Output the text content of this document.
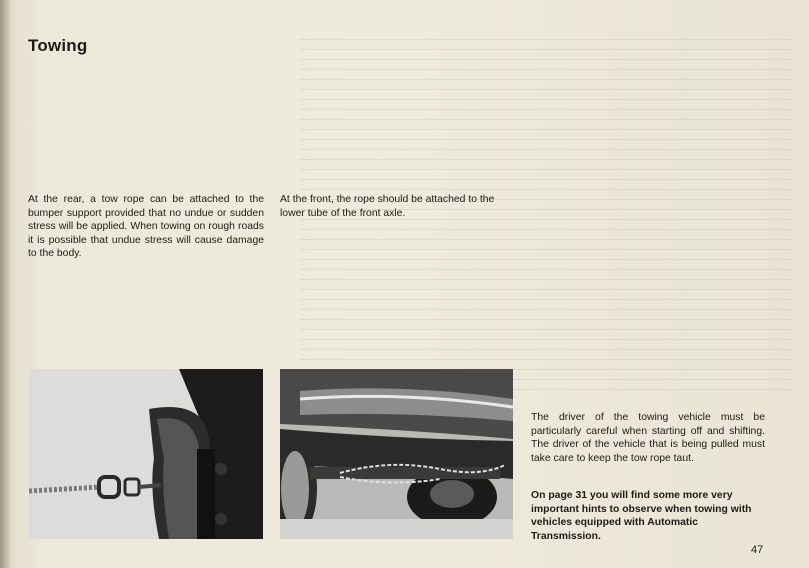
Towing
At the rear, a tow rope can be attached to the bumper support provided that no undue or sudden stress will be applied. When towing on rough roads it is possible that undue stress will cause damage to the body.
At the front, the rope should be attached to the lower tube of the front axle.
The driver of the towing vehicle must be particularly careful when starting off and shifting. The driver of the vehicle that is being pulled must take care to keep the tow rope taut.
On page 31 you will find some more very important hints to observe when towing with vehicles equipped with Automatic Transmission.
47
